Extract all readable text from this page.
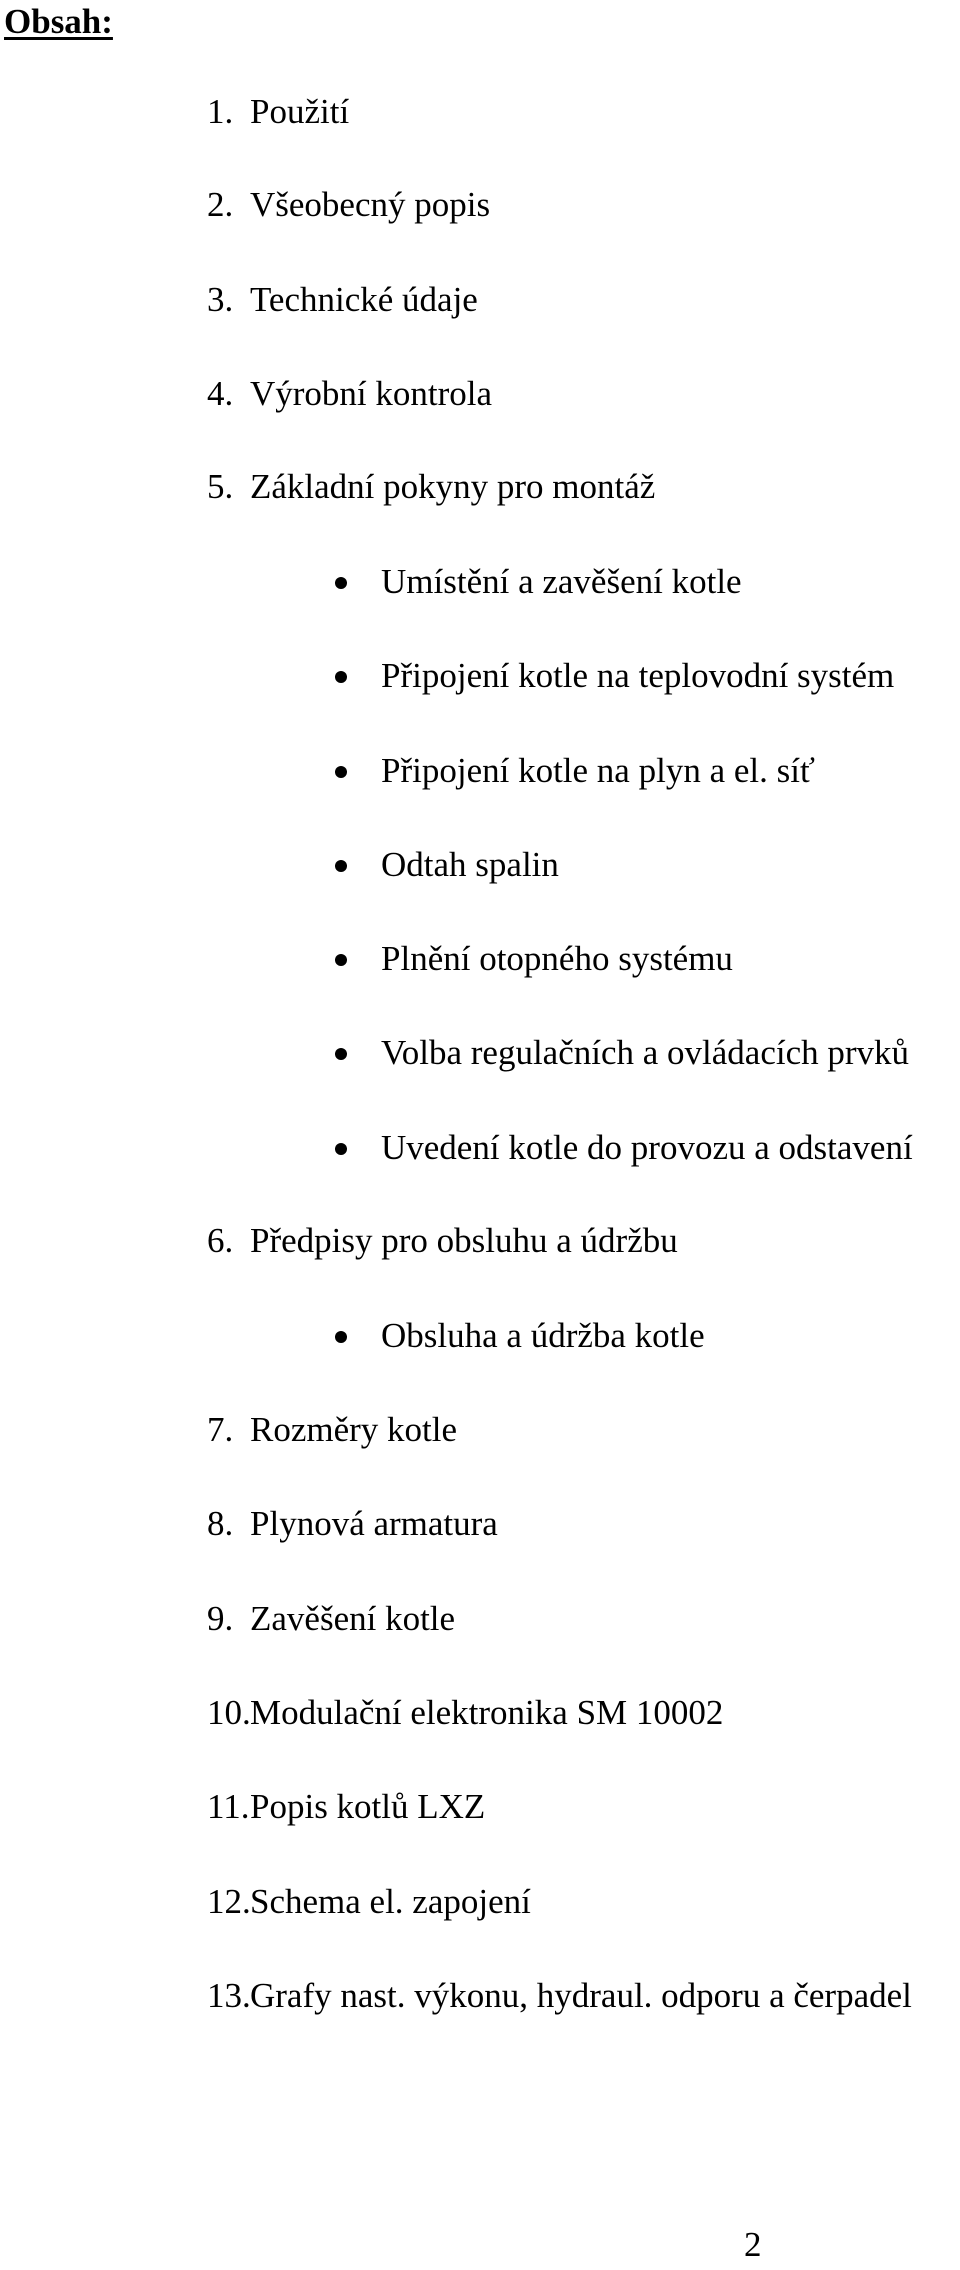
Obsah:
1. Použití
2. Všeobecný popis
3. Technické údaje
4. Výrobní kontrola
5. Základní pokyny pro montáž
Umístění a zavěšení kotle
Připojení kotle na teplovodní systém
Připojení kotle na plyn a el. síť
Odtah spalin
Plnění otopného systému
Volba regulačních a ovládacích prvků
Uvedení kotle do provozu a odstavení
6. Předpisy pro obsluhu a údržbu
Obsluha a údržba kotle
7. Rozměry kotle
8. Plynová armatura
9. Zavěšení kotle
10. Modulační elektronika SM 10002
11. Popis kotlů LXZ
12. Schema el. zapojení
13. Grafy nast. výkonu, hydraul. odporu a čerpadel
2
